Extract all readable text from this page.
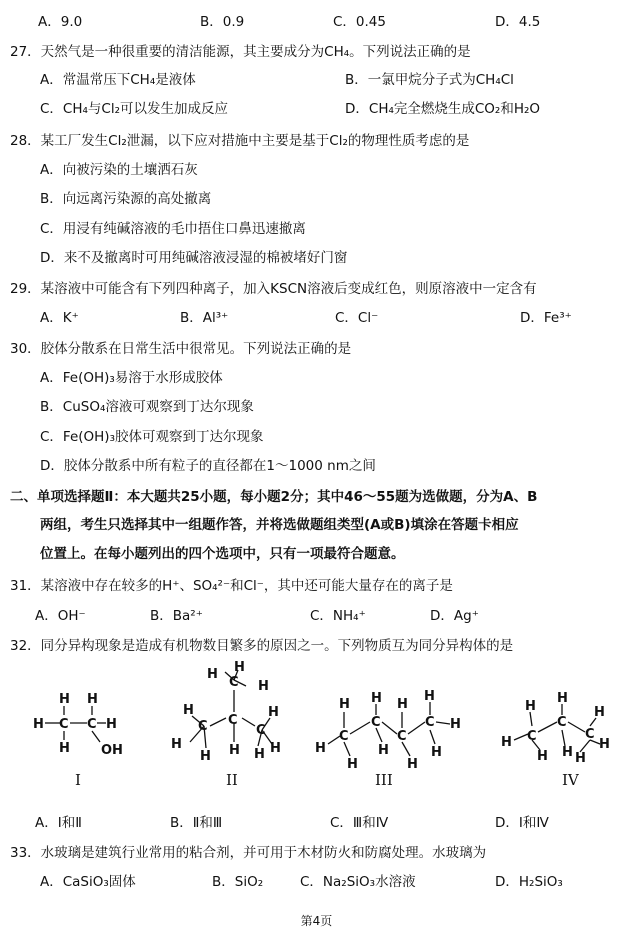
A．9.0	B．0.9	C．0.45	D．4.5
27．天然气是一种很重要的清洁能源，其主要成分为CH₄。下列说法正确的是
A．常温常压下CH₄是液体	B．一氯甲烷分子式为CH₄Cl
C．CH₄与Cl₂可以发生加成反应	D．CH₄完全燃烧生成CO₂和H₂O
28．某工厂发生Cl₂泄漏，以下应对措施中主要是基于Cl₂的物理性质考虑的是
A．向被污染的土壤洒石灰
B．向远离污染源的高处撤离
C．用浸有纯碱溶液的毛巾捂住口鼻迅速撤离
D．来不及撤离时可用纯碱溶液浸湿的棉被堵好门窗
29．某溶液中可能含有下列四种离子，加入KSCN溶液后变成红色，则原溶液中一定含有
A．K⁺	B．Al³⁺	C．Cl⁻	D．Fe³⁺
30．胶体分散系在日常生活中很常见。下列说法正确的是
A．Fe(OH)₃易溶于水形成胶体
B．CuSO₄溶液可观察到丁达尔现象
C．Fe(OH)₃胶体可观察到丁达尔现象
D．胶体分散系中所有粒子的直径都在1～1000 nm之间
二、单项选择题Ⅱ：本大题共25小题，每小题2分；其中46～55题为选做题，分为A、B
两组，考生只选择其中一组题作答，并将选做题组类型(A或B)填涂在答题卡相应
位置上。在每小题列出的四个选项中，只有一项最符合题意。
31．某溶液中存在较多的H⁺、SO₄²⁻和Cl⁻，其中还可能大量存在的离子是
A．OH⁻	B．Ba²⁺	C．NH₄⁺	D．Ag⁺
32．同分异构现象是造成有机物数目繁多的原因之一。下列物质互为同分异构体的是
H H
H C C H
H OH
H H
C H
H
C C
C
H
H
H H H H
H H H
H
H
C
C
C
C H
H
H
H
H
H
H
H C
C
C
H
H
H H H
I	II	III	IV
A．Ⅰ和Ⅱ	B．Ⅱ和Ⅲ	C．Ⅲ和Ⅳ	D．Ⅰ和Ⅳ
33．水玻璃是建筑行业常用的粘合剂，并可用于木材防火和防腐处理。水玻璃为
A．CaSiO₃固体	B．SiO₂	C．Na₂SiO₃水溶液	D．H₂SiO₃
第4页
